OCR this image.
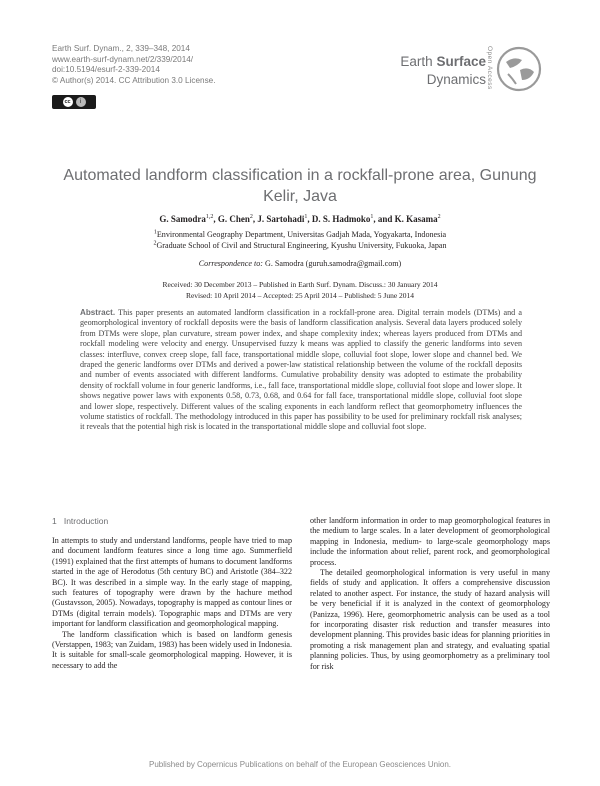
Earth Surf. Dynam., 2, 339–348, 2014
www.earth-surf-dynam.net/2/339/2014/
doi:10.5194/esurf-2-339-2014
© Author(s) 2014. CC Attribution 3.0 License.
cc	i
Earth Surface
Dynamics Open Access
Automated landform classification in a rockfall-prone area, Gunung Kelir, Java
G. Samodra$^{1,2}$, G. Chen$^2$, J. Sartohadi$^1$, D. S. Hadmoko$^1$, and K. Kasama$^2$
$^1$Environmental Geography Department, Universitas Gadjah Mada, Yogyakarta, Indonesia
$^2$Graduate School of Civil and Structural Engineering, Kyushu University, Fukuoka, Japan
Correspondence to: G. Samodra (guruh.samodra@gmail.com)
Received: 30 December 2013 – Published in Earth Surf. Dynam. Discuss.: 30 January 2014
Revised: 10 April 2014 – Accepted: 25 April 2014 – Published: 5 June 2014
Abstract. This paper presents an automated landform classification in a rockfall-prone area. Digital terrain models (DTMs) and a geomorphological inventory of rockfall deposits were the basis of landform classification analysis. Several data layers produced solely from DTMs were slope, plan curvature, stream power index, and shape complexity index; whereas layers produced from DTMs and rockfall modeling were velocity and energy. Unsupervised fuzzy k means was applied to classify the generic landforms into seven classes: interfluve, convex creep slope, fall face, transportational middle slope, colluvial foot slope, lower slope and channel bed. We draped the generic landforms over DTMs and derived a power-law statistical relationship between the volume of the rockfall deposits and number of events associated with different landforms. Cumulative probability density was adopted to estimate the probability density of rockfall volume in four generic landforms, i.e., fall face, transportational middle slope, colluvial foot slope and lower slope. It shows negative power laws with exponents 0.58, 0.73, 0.68, and 0.64 for fall face, transportational middle slope, colluvial foot slope and lower slope, respectively. Different values of the scaling exponents in each landform reflect that geomorphometry influences the volume statistics of rockfall. The methodology introduced in this paper has possibility to be used for preliminary rockfall risk analyses; it reveals that the potential high risk is located in the transportational middle slope and colluvial foot slope.
1 Introduction

In attempts to study and understand landforms, people have tried to map and document landform features since a long time ago. Summerfield (1991) explained that the first attempts of humans to document landforms started in the age of Herodotus (5th century BC) and Aristotle (384–322 BC). It was described in a simple way. In the early stage of mapping, such features of topography were drawn by the hachure method (Gustavsson, 2005). Nowadays, topography is mapped as contour lines or DTMs (digital terrain models). Topographic maps and DTMs are very important for landform classification and geomorphological mapping.

The landform classification which is based on landform genesis (Verstappen, 1983; van Zuidam, 1983) has been widely used in Indonesia. It is suitable for small-scale geomorphological mapping. However, it is necessary to add the

other landform information in order to map geomorphological features in the medium to large scales. In a later development of geomorphological mapping in Indonesia, medium- to large-scale geomorphology maps include the information about relief, parent rock, and geomorphological process.

The detailed geomorphological information is very useful in many fields of study and application. It offers a comprehensive discussion related to another aspect. For instance, the study of hazard analysis will be very beneficial if it is analyzed in the context of geomorphology (Panizza, 1996). Here, geomorphometric analysis can be used as a tool for incorporating disaster risk reduction and transfer measures into development planning. This provides basic ideas for planning priorities in promoting a risk management plan and strategy, and evaluating spatial planning policies. Thus, by using geomorphometry as a preliminary tool for risk

Published by Copernicus Publications on behalf of the European Geosciences Union.
